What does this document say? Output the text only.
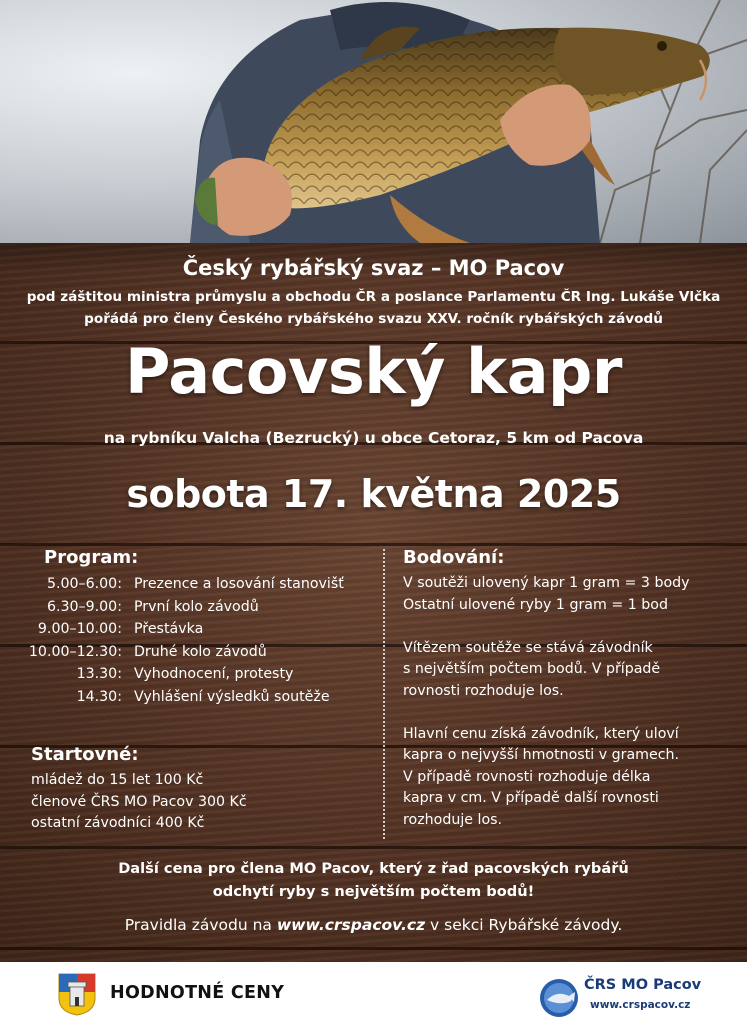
Český rybářský svaz – MO Pacov
pod záštitou ministra průmyslu a obchodu ČR a poslance Parlamentu ČR Ing. Lukáše Vlčka
pořádá pro členy Českého rybářského svazu XXV. ročník rybářských závodů
Pacovský kapr
na rybníku Valcha (Bezrucký) u obce Cetoraz, 5 km od Pacova
sobota 17. května 2025
Program:
5.00–6.00: Prezence a losování stanovišť
6.30–9.00: První kolo závodů
9.00–10.00: Přestávka
10.00–12.30: Druhé kolo závodů
13.30: Vyhodnocení, protesty
14.30: Vyhlášení výsledků soutěže
Startovné:
mládež do 15 let 100 Kč
členové ČRS MO Pacov 300 Kč
ostatní závodníci 400 Kč
Bodování:

V soutěži ulovený kapr 1 gram = 3 body
Ostatní ulovené ryby 1 gram = 1 bod

Vítězem soutěže se stává závodník
s největším počtem bodů. V případě
rovnosti rozhoduje los.

Hlavní cenu získá závodník, který uloví
kapra o nejvyšší hmotnosti v gramech.
V případě rovnosti rozhoduje délka
kapra v cm. V případě další rovnosti
rozhoduje los.

Další cena pro člena MO Pacov, který z řad pacovských rybářů
odchytí ryby s největším počtem bodů!
Pravidla závodu na www.crspacov.cz v sekci Rybářské závody.
HODNOTNÉ CENY	ČRS MO Pacov
www.crspacov.cz
